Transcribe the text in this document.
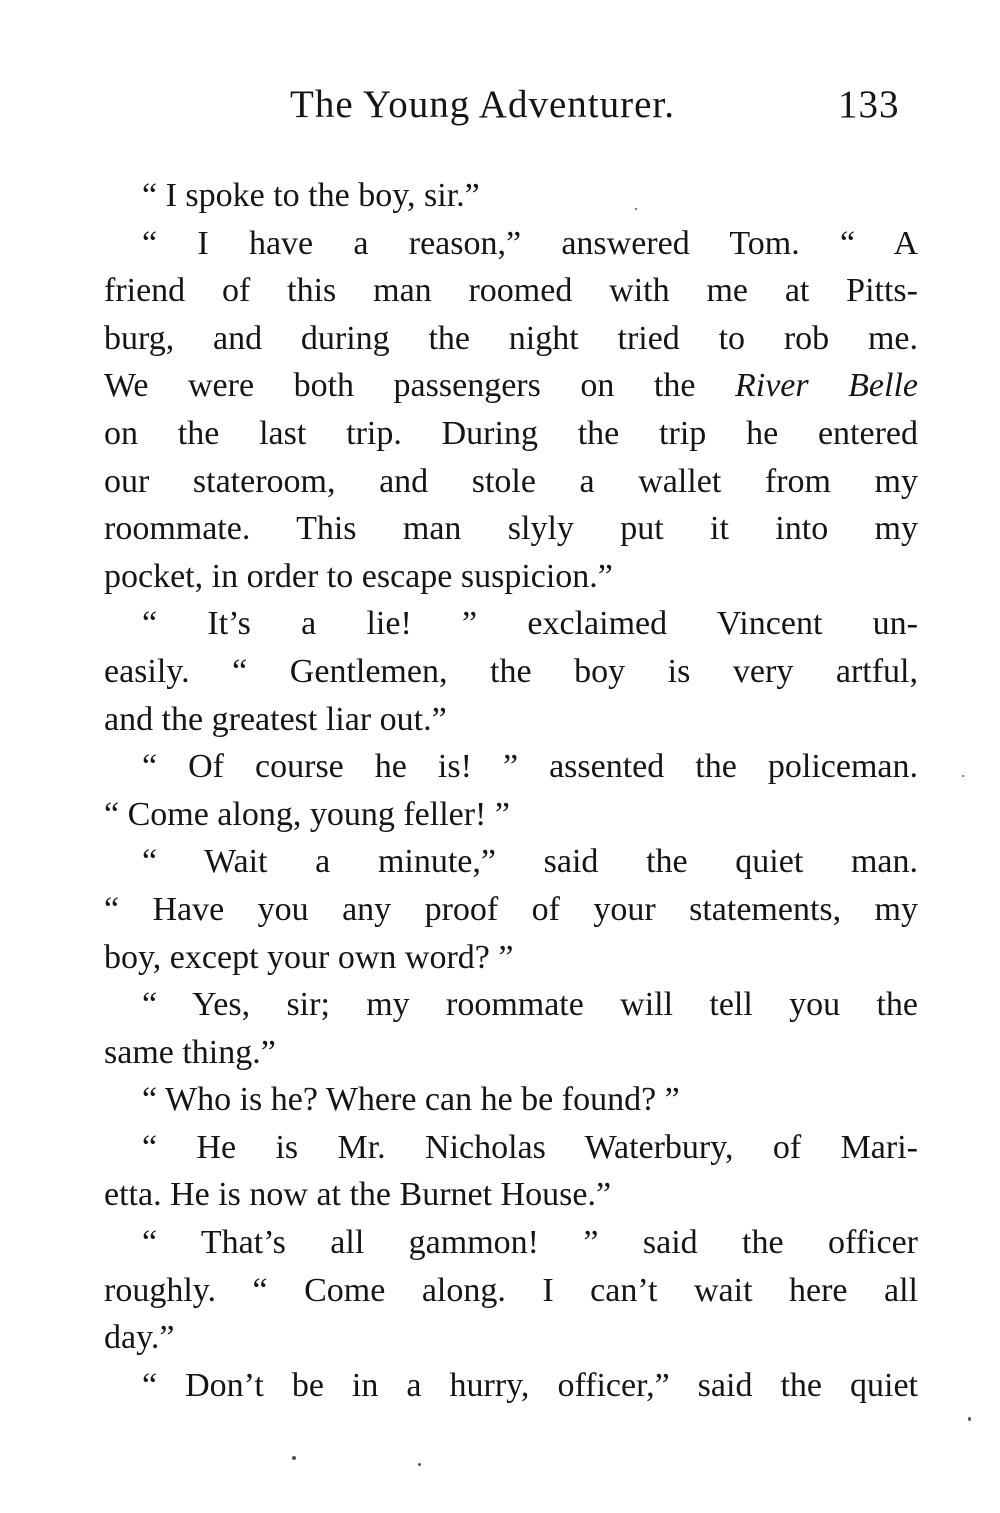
The Young Adventurer.	133
“ I spoke to the boy, sir.”
“ I have a reason,” answered Tom. “ A
friend of this man roomed with me at Pitts-
burg, and during the night tried to rob me.
We were both passengers on the River Belle
on the last trip. During the trip he entered
our stateroom, and stole a wallet from my
roommate. This man slyly put it into my
pocket, in order to escape suspicion.”
“ It’s a lie! ” exclaimed Vincent un-
easily. “ Gentlemen, the boy is very artful,
and the greatest liar out.”
“ Of course he is! ” assented the policeman.
“ Come along, young feller! ”
“ Wait a minute,” said the quiet man.
“ Have you any proof of your statements, my
boy, except your own word? ”
“ Yes, sir; my roommate will tell you the
same thing.”
“ Who is he? Where can he be found? ”
“ He is Mr. Nicholas Waterbury, of Mari-
etta. He is now at the Burnet House.”
“ That’s all gammon! ” said the officer
roughly. “ Come along. I can’t wait here all
day.”
“ Don’t be in a hurry, officer,” said the quiet
